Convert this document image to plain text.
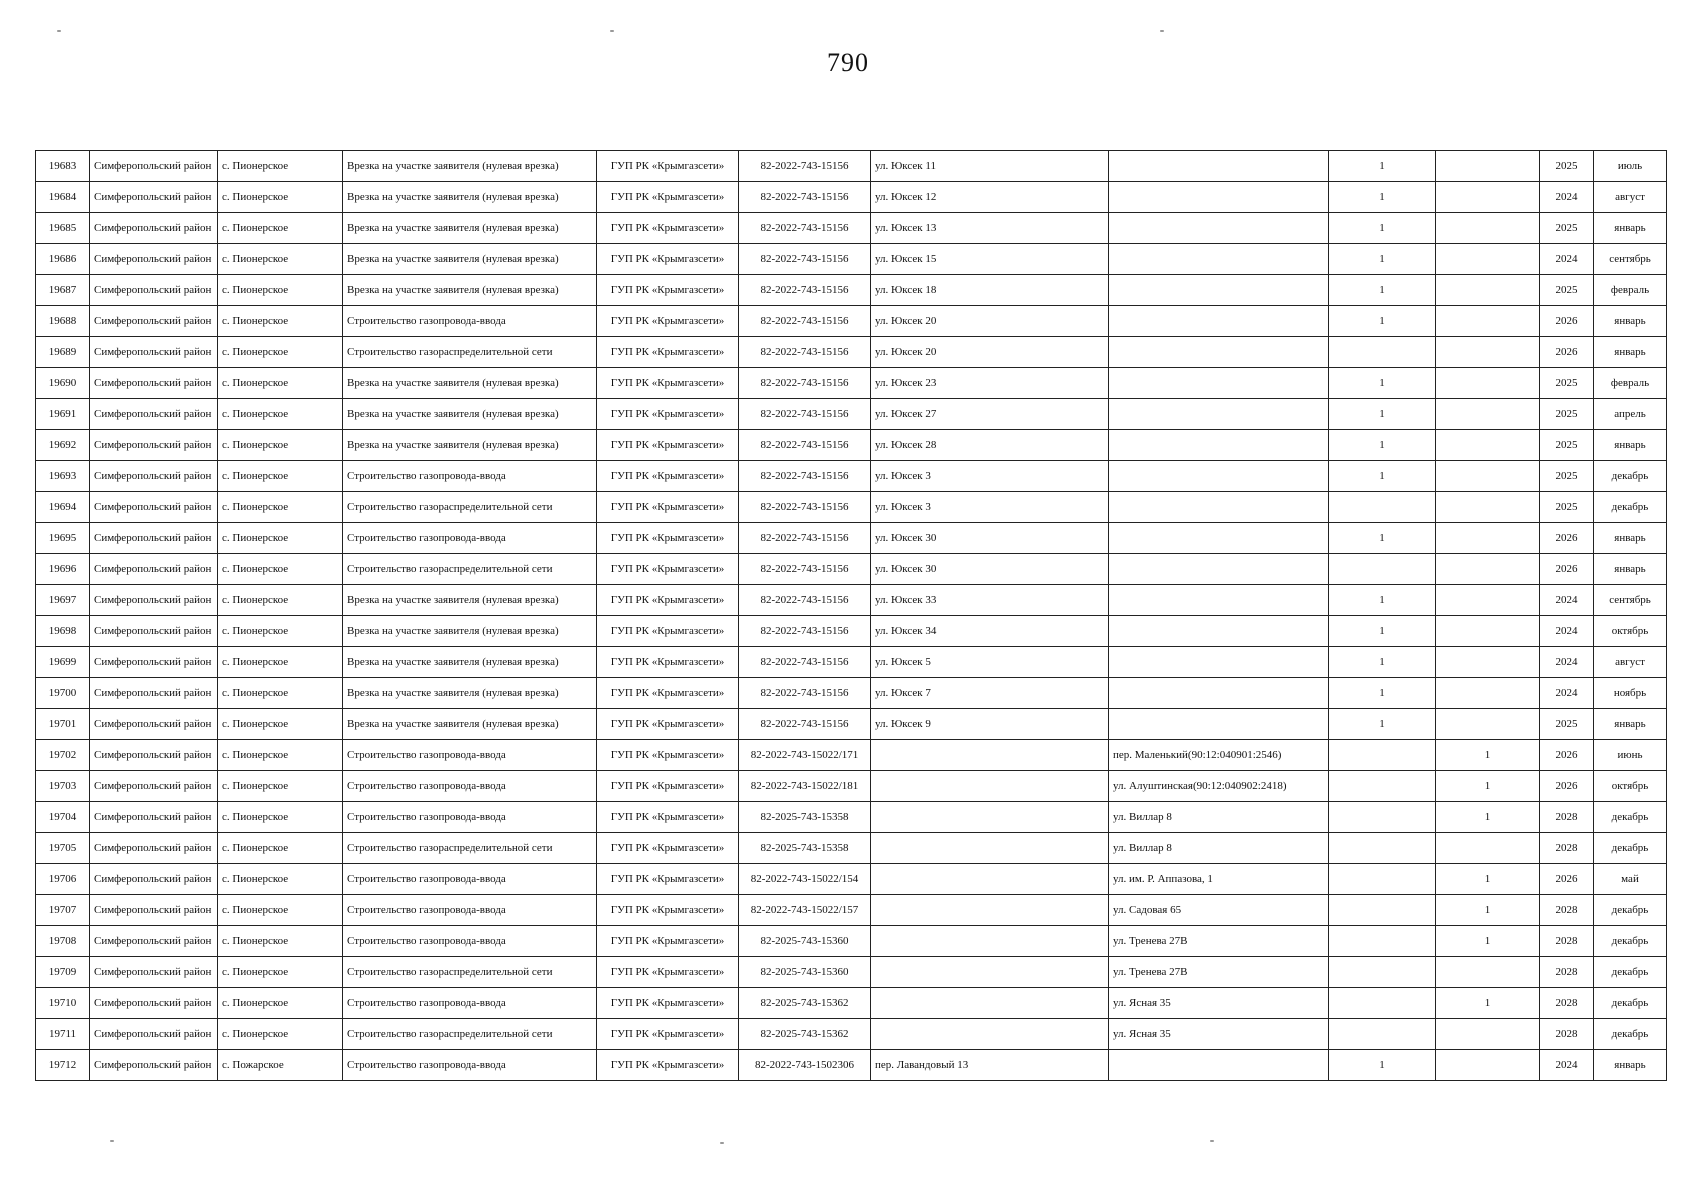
790
19683	Симферопольский район	с. Пионерское	Врезка на участке заявителя (нулевая врезка)	ГУП РК «Крымгазсети»	82-2022-743-15156	ул. Юксек 11		1		2025	июль
19684	Симферопольский район	с. Пионерское	Врезка на участке заявителя (нулевая врезка)	ГУП РК «Крымгазсети»	82-2022-743-15156	ул. Юксек 12		1		2024	август
19685	Симферопольский район	с. Пионерское	Врезка на участке заявителя (нулевая врезка)	ГУП РК «Крымгазсети»	82-2022-743-15156	ул. Юксек 13		1		2025	январь
19686	Симферопольский район	с. Пионерское	Врезка на участке заявителя (нулевая врезка)	ГУП РК «Крымгазсети»	82-2022-743-15156	ул. Юксек 15		1		2024	сентябрь
19687	Симферопольский район	с. Пионерское	Врезка на участке заявителя (нулевая врезка)	ГУП РК «Крымгазсети»	82-2022-743-15156	ул. Юксек 18		1		2025	февраль
19688	Симферопольский район	с. Пионерское	Строительство газопровода-ввода	ГУП РК «Крымгазсети»	82-2022-743-15156	ул. Юксек 20		1		2026	январь
19689	Симферопольский район	с. Пионерское	Строительство газораспределительной сети	ГУП РК «Крымгазсети»	82-2022-743-15156	ул. Юксек 20				2026	январь
19690	Симферопольский район	с. Пионерское	Врезка на участке заявителя (нулевая врезка)	ГУП РК «Крымгазсети»	82-2022-743-15156	ул. Юксек 23		1		2025	февраль
19691	Симферопольский район	с. Пионерское	Врезка на участке заявителя (нулевая врезка)	ГУП РК «Крымгазсети»	82-2022-743-15156	ул. Юксек 27		1		2025	апрель
19692	Симферопольский район	с. Пионерское	Врезка на участке заявителя (нулевая врезка)	ГУП РК «Крымгазсети»	82-2022-743-15156	ул. Юксек 28		1		2025	январь
19693	Симферопольский район	с. Пионерское	Строительство газопровода-ввода	ГУП РК «Крымгазсети»	82-2022-743-15156	ул. Юксек 3		1		2025	декабрь
19694	Симферопольский район	с. Пионерское	Строительство газораспределительной сети	ГУП РК «Крымгазсети»	82-2022-743-15156	ул. Юксек 3				2025	декабрь
19695	Симферопольский район	с. Пионерское	Строительство газопровода-ввода	ГУП РК «Крымгазсети»	82-2022-743-15156	ул. Юксек 30		1		2026	январь
19696	Симферопольский район	с. Пионерское	Строительство газораспределительной сети	ГУП РК «Крымгазсети»	82-2022-743-15156	ул. Юксек 30				2026	январь
19697	Симферопольский район	с. Пионерское	Врезка на участке заявителя (нулевая врезка)	ГУП РК «Крымгазсети»	82-2022-743-15156	ул. Юксек 33		1		2024	сентябрь
19698	Симферопольский район	с. Пионерское	Врезка на участке заявителя (нулевая врезка)	ГУП РК «Крымгазсети»	82-2022-743-15156	ул. Юксек 34		1		2024	октябрь
19699	Симферопольский район	с. Пионерское	Врезка на участке заявителя (нулевая врезка)	ГУП РК «Крымгазсети»	82-2022-743-15156	ул. Юксек 5		1		2024	август
19700	Симферопольский район	с. Пионерское	Врезка на участке заявителя (нулевая врезка)	ГУП РК «Крымгазсети»	82-2022-743-15156	ул. Юксек 7		1		2024	ноябрь
19701	Симферопольский район	с. Пионерское	Врезка на участке заявителя (нулевая врезка)	ГУП РК «Крымгазсети»	82-2022-743-15156	ул. Юксек 9		1		2025	январь
19702	Симферопольский район	с. Пионерское	Строительство газопровода-ввода	ГУП РК «Крымгазсети»	82-2022-743-15022/171		пер. Маленький(90:12:040901:2546)		1	2026	июнь
19703	Симферопольский район	с. Пионерское	Строительство газопровода-ввода	ГУП РК «Крымгазсети»	82-2022-743-15022/181		ул. Алуштинская(90:12:040902:2418)		1	2026	октябрь
19704	Симферопольский район	с. Пионерское	Строительство газопровода-ввода	ГУП РК «Крымгазсети»	82-2025-743-15358		ул. Виллар 8		1	2028	декабрь
19705	Симферопольский район	с. Пионерское	Строительство газораспределительной сети	ГУП РК «Крымгазсети»	82-2025-743-15358		ул. Виллар 8			2028	декабрь
19706	Симферопольский район	с. Пионерское	Строительство газопровода-ввода	ГУП РК «Крымгазсети»	82-2022-743-15022/154		ул. им. Р. Аппазова, 1		1	2026	май
19707	Симферопольский район	с. Пионерское	Строительство газопровода-ввода	ГУП РК «Крымгазсети»	82-2022-743-15022/157		ул. Садовая 65		1	2028	декабрь
19708	Симферопольский район	с. Пионерское	Строительство газопровода-ввода	ГУП РК «Крымгазсети»	82-2025-743-15360		ул. Тренева 27В		1	2028	декабрь
19709	Симферопольский район	с. Пионерское	Строительство газораспределительной сети	ГУП РК «Крымгазсети»	82-2025-743-15360		ул. Тренева 27В			2028	декабрь
19710	Симферопольский район	с. Пионерское	Строительство газопровода-ввода	ГУП РК «Крымгазсети»	82-2025-743-15362		ул. Ясная 35		1	2028	декабрь
19711	Симферопольский район	с. Пионерское	Строительство газораспределительной сети	ГУП РК «Крымгазсети»	82-2025-743-15362		ул. Ясная 35			2028	декабрь
19712	Симферопольский район	с. Пожарское	Строительство газопровода-ввода	ГУП РК «Крымгазсети»	82-2022-743-1502306	пер. Лавандовый 13		1		2024	январь
